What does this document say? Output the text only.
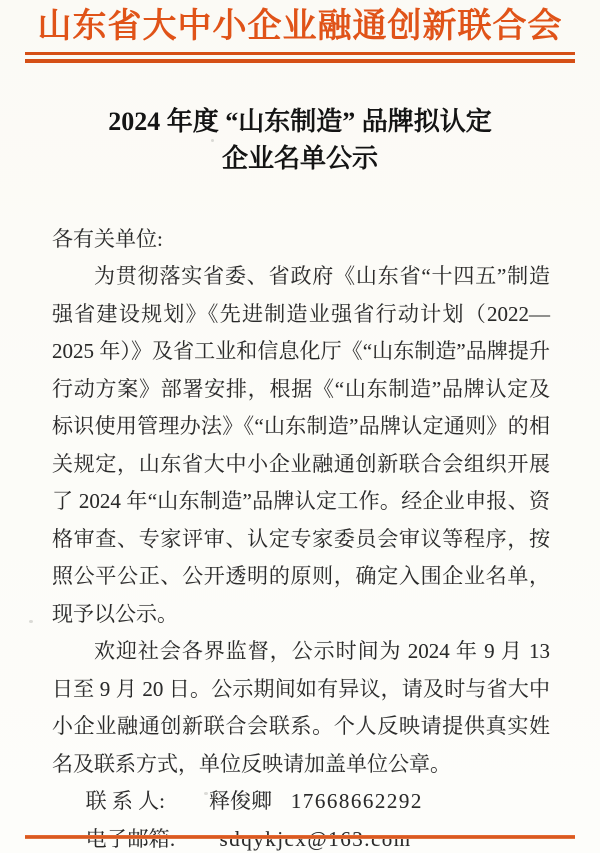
山东省大中小企业融通创新联合会
2024 年度 “山东制造” 品牌拟认定
企业名单公示

各有关单位:

为贯彻落实省委、省政府《山东省“十四五”制造强省建设规划》《先进制造业强省行动计划（2022—2025 年）》及省工业和信息化厅《“山东制造”品牌提升行动方案》部署安排，根据《“山东制造”品牌认定及标识使用管理办法》《“山东制造”品牌认定通则》的相关规定，山东省大中小企业融通创新联合会组织开展了 2024 年“山东制造”品牌认定工作。经企业申报、资格审查、专家评审、认定专家委员会审议等程序，按照公平公正、公开透明的原则，确定入围企业名单，现予以公示。

欢迎社会各界监督，公示时间为 2024 年 9 月 13 日至 9 月 20 日。公示期间如有异议，请及时与省大中小企业融通创新联合会联系。个人反映请提供真实姓名及联系方式，单位反映请加盖单位公章。

联 系 人: 释俊卿 17668662292
